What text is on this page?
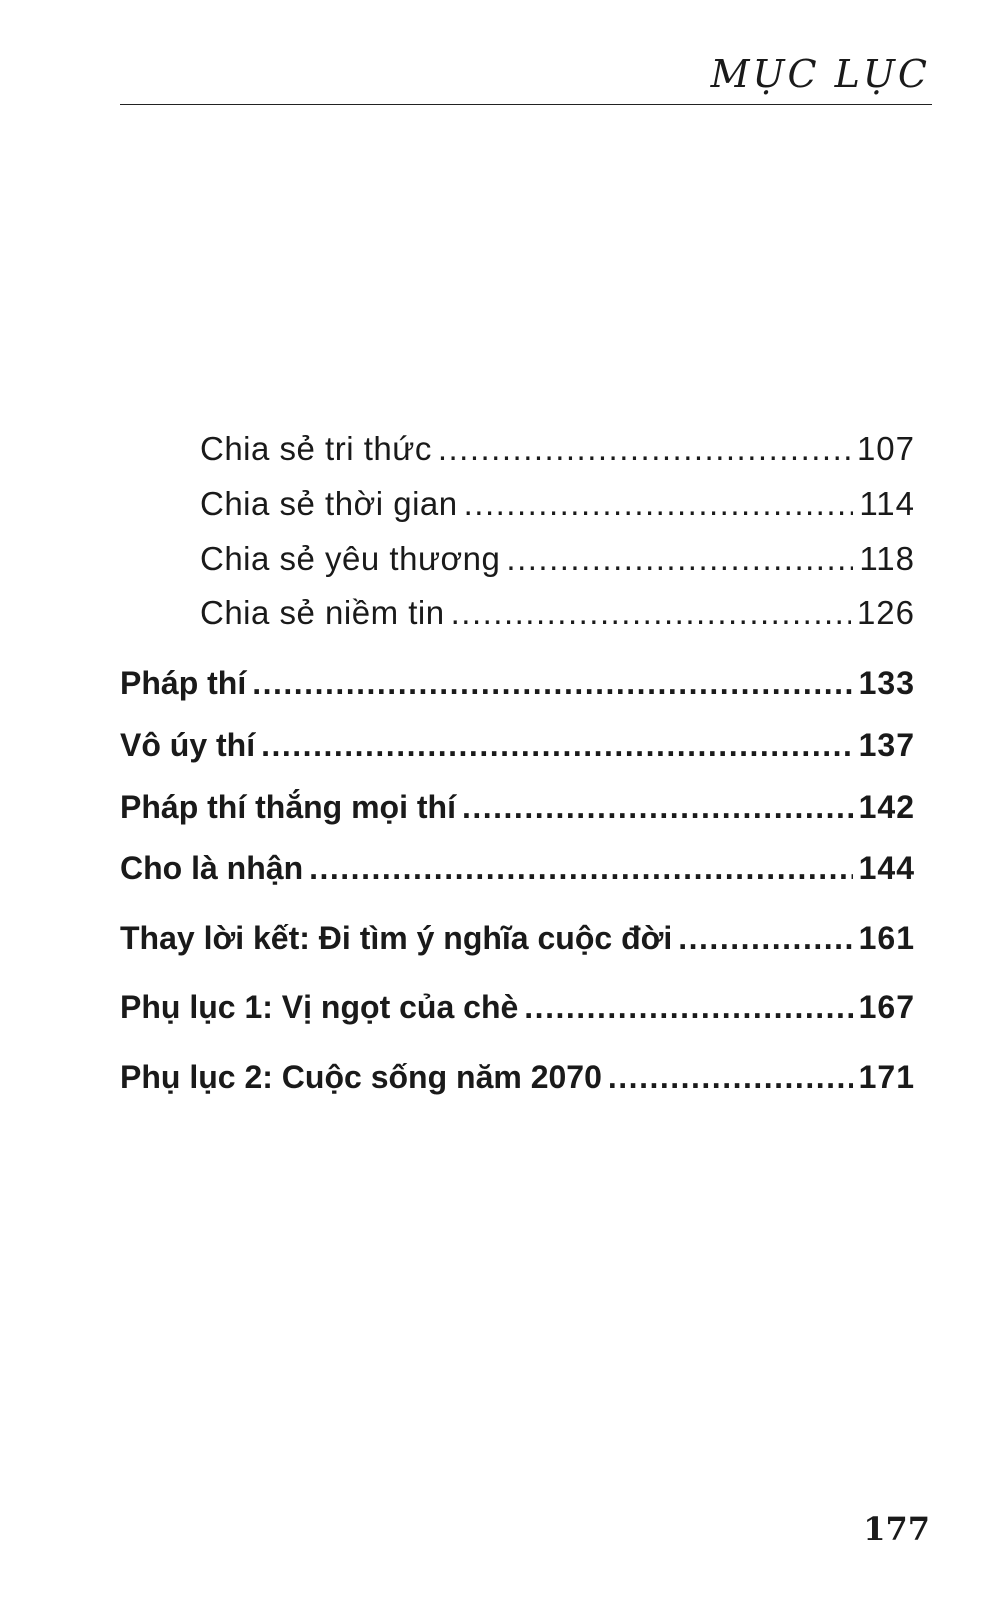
MỤC LỤC
Chia sẻ tri thức .....	107
Chia sẻ thời gian .....	114
Chia sẻ yêu thương .....	118
Chia sẻ niềm tin .....	126
Pháp thí .....	133
Vô úy thí .....	137
Pháp thí thắng mọi thí .....	142
Cho là nhận .....	144
Thay lời kết: Đi tìm ý nghĩa cuộc đời .....	161
Phụ lục 1: Vị ngọt của chè .....	167
Phụ lục 2: Cuộc sống năm 2070 .....	171
177
